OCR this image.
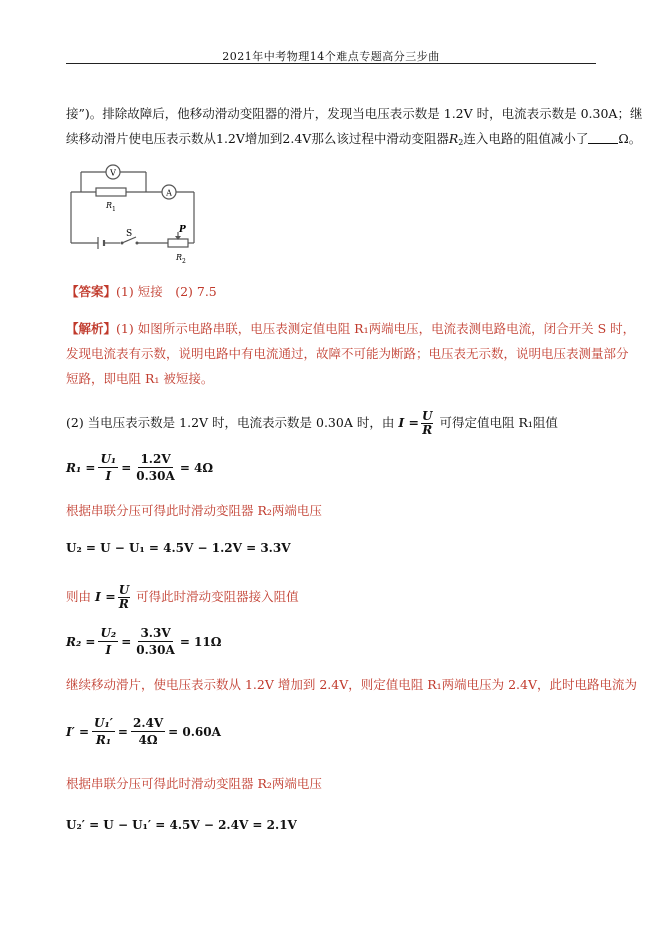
2021年中考物理14个难点专题高分三步曲
接”)。排除故障后，他移动滑动变阻器的滑片，发现当电压表示数是 1.2V 时，电流表示数是 0.30A；继
续移动滑片使电压表示数从1.2V增加到2.4V那么该过程中滑动变阻器$R_2$连入电路的阻值减小了 Ω。
V
A
S	P
R 1
R 2
【答案】(1) 短接　(2) 7.5
【解析】(1) 如图所示电路串联，电压表测定值电阻 R₁两端电压，电流表测电路电流，闭合开关 S 时，
发现电流表有示数，说明电路中有电流通过，故障不可能为断路；电压表无示数，说明电压表测量部分
短路，即电阻 R₁ 被短接。
(2) 当电压表示数是 1.2V 时，电流表示数是 0.30A 时，由 $I = \frac{U}{R}$ 可得定值电阻 R₁阻值
$R_1 = \frac{\text{U₁}}{I} = \frac{1.2V}{0.30A} = 4\Omega$
根据串联分压可得此时滑动变阻器 R₂两端电压
U₂ = U − U₁ = 4.5V − 1.2V = 3.3V
则由 $I = \frac{U}{R}$ 可得此时滑动变阻器接入阻值
$R_2 = \frac{\text{U₂}}{I} = \frac{3.3V}{0.30A} = 11\Omega$
继续移动滑片，使电压表示数从 1.2V 增加到 2.4V，则定值电阻 R₁两端电压为 2.4V，此时电路电流为
$I' = \frac{\text{U₁′}}{\text{R₁}} = \frac{2.4V}{4\Omega} = 0.60A$
根据串联分压可得此时滑动变阻器 R₂两端电压
U₂′ = U − U₁′ = 4.5V − 2.4V = 2.1V
